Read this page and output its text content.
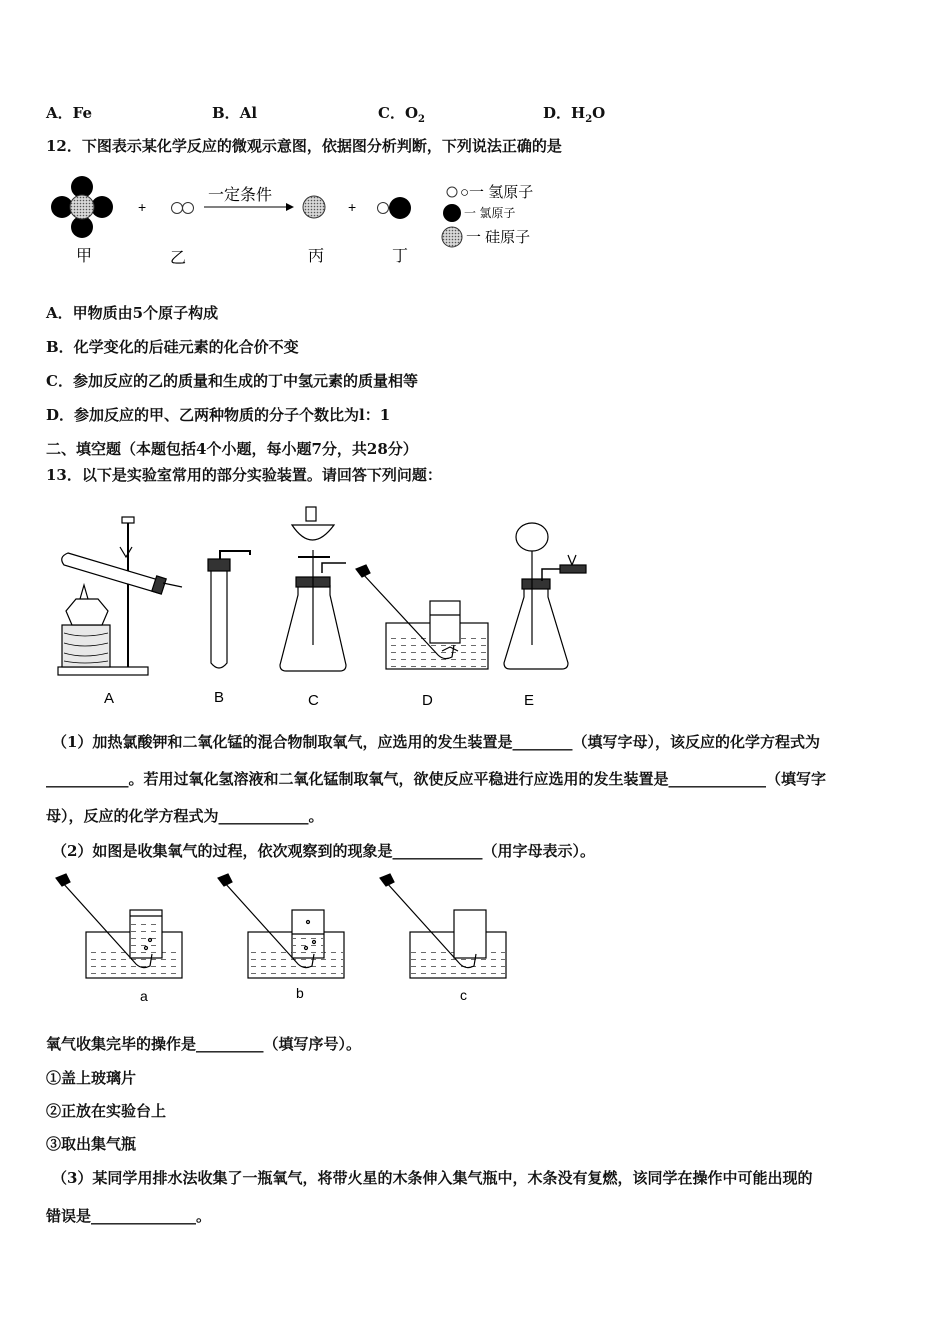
A．Fe	B．Al	C．$O_2$	D．$H_2O$
12．下图表示某化学反应的微观示意图，依据图分析判断，下列说法正确的是
+
一定条件
+
甲	乙	丙	丁
○一 氢原子
一 氯原子
一 硅原子
A．甲物质由5个原子构成
B．化学变化的后硅元素的化合价不变
C．参加反应的乙的质量和生成的丁中氢元素的质量相等
D．参加反应的甲、乙两种物质的分子个数比为l：1
二、填空题（本题包括4个小题，每小题7分，共28分）
13．以下是实验室常用的部分实验装置。请回答下列问题：
A	B	C	D	E
（1）加热氯酸钾和二氧化锰的混合物制取氧气，应选用的发生装置是________（填写字母），该反应的化学方程式为
___________。若用过氧化氢溶液和二氧化锰制取氧气，欲使反应平稳进行应选用的发生装置是_____________（填写字
母），反应的化学方程式为____________。
（2）如图是收集氧气的过程，依次观察到的现象是____________（用字母表示）。
a	b	c
氧气收集完毕的操作是_________（填写序号）。
①盖上玻璃片
②正放在实验台上
③取出集气瓶
（3）某同学用排水法收集了一瓶氧气，将带火星的木条伸入集气瓶中，木条没有复燃，该同学在操作中可能出现的
错误是______________。
